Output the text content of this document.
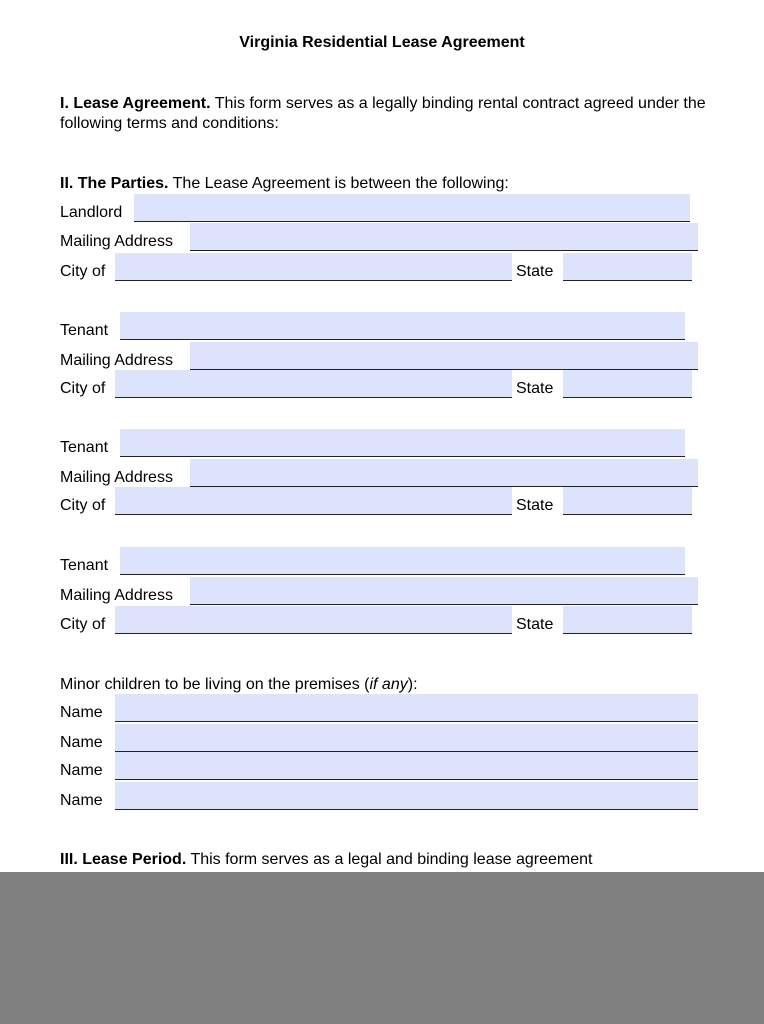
Virginia Residential Lease Agreement
I. Lease Agreement. This form serves as a legally binding rental contract agreed under the following terms and conditions:
II. The Parties. The Lease Agreement is between the following:
Landlord
Mailing Address
City of	State
Tenant
Mailing Address
City of	State
Tenant
Mailing Address
City of	State
Tenant
Mailing Address
City of	State
Minor children to be living on the premises (if any):
Name
Name
Name
Name
III. Lease Period. This form serves as a legal and binding lease agreement
